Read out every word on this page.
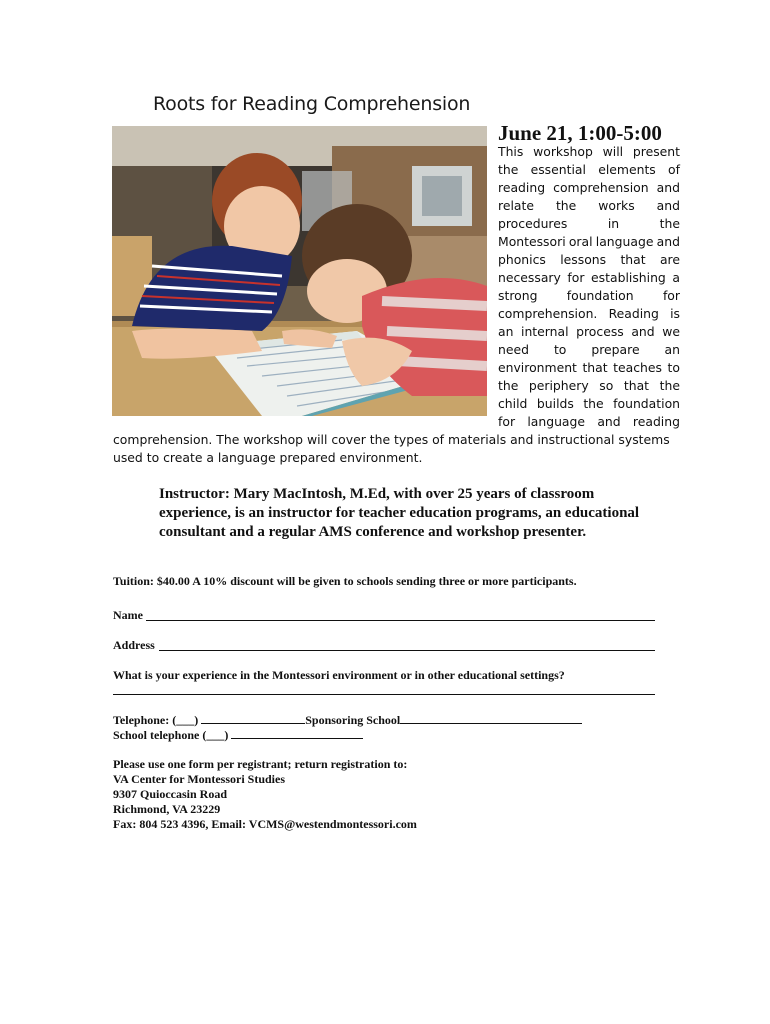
Roots for Reading Comprehension
June 21, 1:00-5:00
This workshop will present
the essential elements of
reading comprehension and
relate the works and
procedures	in	the
Montessori oral language and
phonics lessons that are
necessary for establishing a
strong foundation for
comprehension. Reading is
an internal process and we
need to prepare an
environment that teaches to
the periphery so that the
child builds the foundation
for language and reading
comprehension. The workshop will cover the types of materials and instructional systems
used to create a language prepared environment.
Instructor: Mary MacIntosh, M.Ed, with over 25 years of classroom
experience, is an instructor for teacher education programs, an educational
consultant and a regular AMS conference and workshop presenter.
Tuition: $40.00 A 10% discount will be given to schools sending three or more participants.
Name
Address
What is your experience in the Montessori environment or in other educational settings?
Telephone: (___)	Sponsoring School
School telephone (___)
Please use one form per registrant; return registration to:
VA Center for Montessori Studies
9307 Quioccasin Road
Richmond, VA 23229
Fax: 804 523 4396, Email: VCMS@westendmontessori.com
